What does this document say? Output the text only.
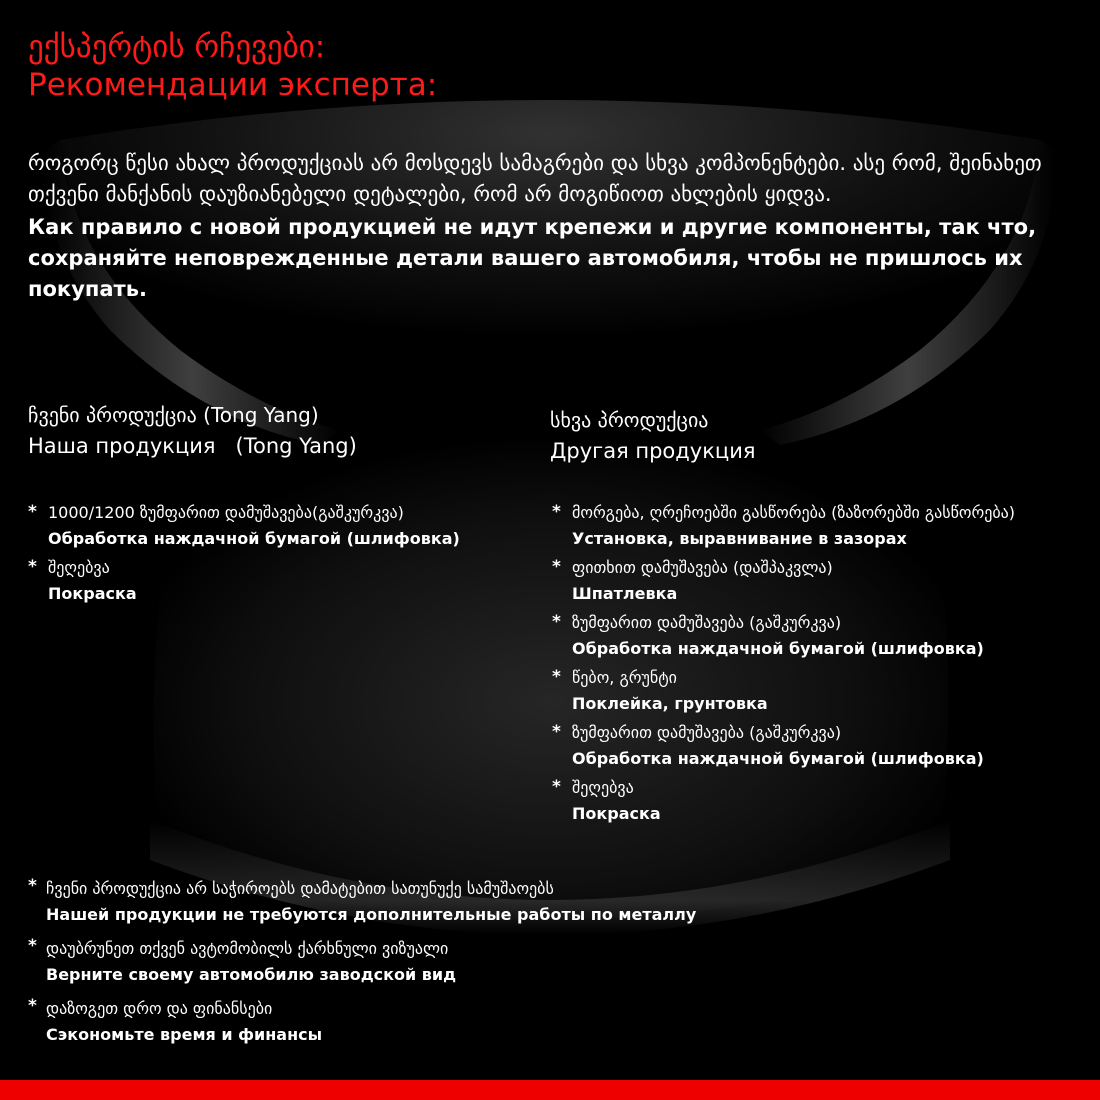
ექსპერტის რჩევები:
Рекомендации эксперта:
როგორც წესი ახალ პროდუქციას არ მოსდევს სამაგრები და სხვა კომპონენტები. ასე რომ, შეინახეთ თქვენი მანქანის დაუზიანებელი დეტალები, რომ არ მოგიწიოთ ახლების ყიდვა.
Как правило с новой продукцией не идут крепежи и другие компоненты, так что, сохраняйте неповрежденные детали вашего автомобиля, чтобы не пришлось их покупать.
ჩვენი პროდუქცია (Tong Yang)
Наша продукция   (Tong Yang)
სხვა პროდუქცია
Другая продукция
* 1000/1200 ზუმფარით დამუშავება(გაშკურკვა)
Обработка наждачной бумагой (шлифовка)
* შეღებვა
Покраска
* მორგება, ღრეჩოებში გასწორება (ზაზორებში გასწორება)
Установка, выравнивание в зазорах
* ფითხით დამუშავება (დაშპაკვლა)
Шпатлевка
* ზუმფარით დამუშავება (გაშკურკვა)
Обработка наждачной бумагой (шлифовка)
* წებო, გრუნტი
Поклейка, грунтовка
* ზუმფარით დამუშავება (გაშკურკვა)
Обработка наждачной бумагой (шлифовка)
* შეღებვა
Покраска
* ჩვენი პროდუქცია არ საჭიროებს დამატებით სათუნუქე სამუშაოებს
Нашей продукции не требуются дополнительные работы по металлу
* დაუბრუნეთ თქვენ ავტომობილს ქარხნული ვიზუალი
Верните своему автомобилю заводской вид
* დაზოგეთ დრო და ფინანსები
Сэкономьте время и финансы
